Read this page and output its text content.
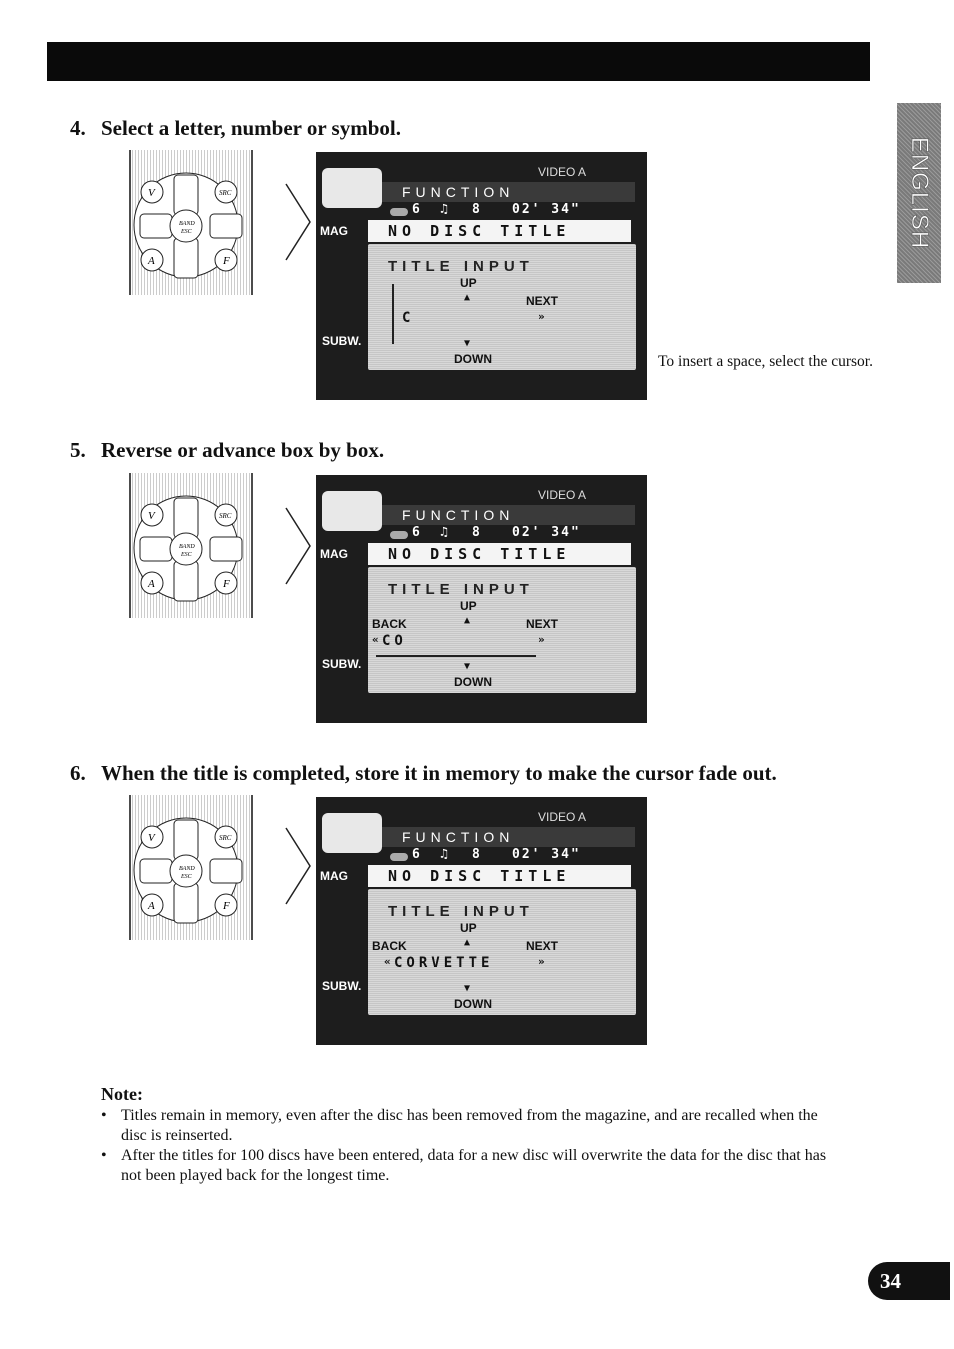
ENGLISH
4. Select a letter, number or symbol.
5. Reverse or advance box by box.
6. When the title is completed, store it in memory to make the cursor fade out.
V	SRC
BAND
ESC
A	F
V	SRC
BAND
ESC
A	F
V	SRC
BAND
ESC
A	F
VIDEO A
FUNCTION
6 ♫ 8 02' 34"
MAG
SUBW.
NO DISC TITLE
TITLE INPUT
UP
▲	NEXT
»
C
▼
DOWN
VIDEO A
FUNCTION
6 ♫ 8 02' 34"
MAG
SUBW.
NO DISC TITLE
TITLE INPUT
UP
BACK	▲	NEXT
« CO	»
▼
DOWN
VIDEO A
FUNCTION
6 ♫ 8 02' 34"
MAG
SUBW.
NO DISC TITLE
TITLE INPUT
UP
BACK	▲	NEXT
« CORVETTE	»
▼
DOWN
To insert a space, select the cursor.
Note:
• Titles remain in memory, even after the disc has been removed from the magazine, and are recalled when the disc is reinserted.
• After the titles for 100 discs have been entered, data for a new disc will overwrite the data for the disc that has not been played back for the longest time.
34
